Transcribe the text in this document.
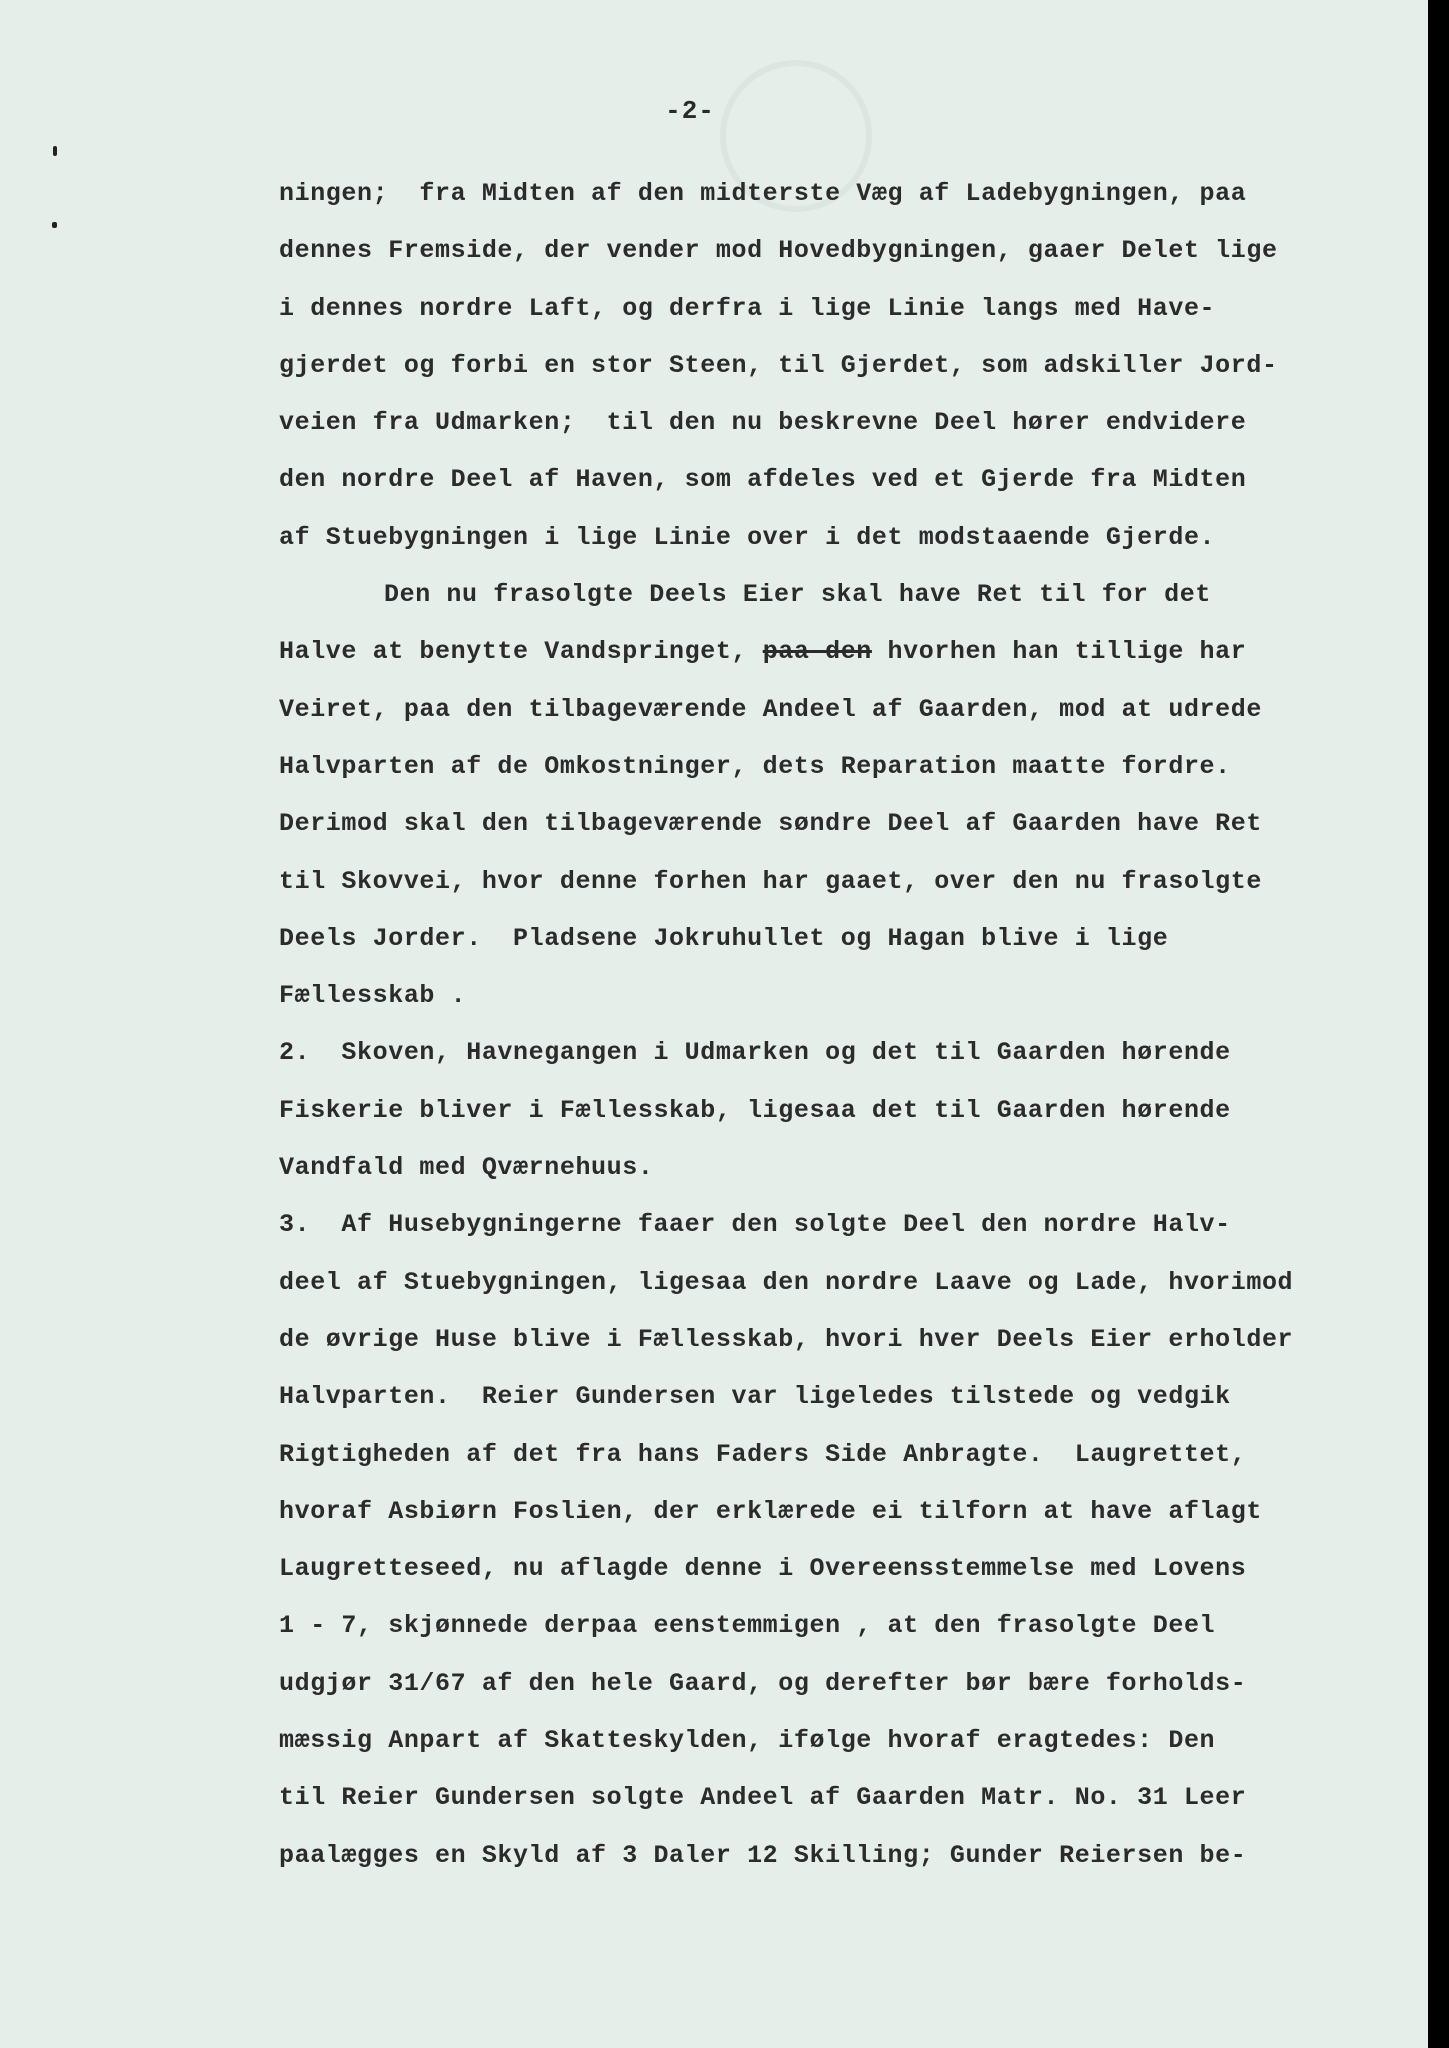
-2-
ningen;  fra Midten af den midterste Væg af Ladebygningen, paa
dennes Fremside, der vender mod Hovedbygningen, gaaer Delet lige
i dennes nordre Laft, og derfra i lige Linie langs med Have-
gjerdet og forbi en stor Steen, til Gjerdet, som adskiller Jord-
veien fra Udmarken;  til den nu beskrevne Deel hører endvidere
den nordre Deel af Haven, som afdeles ved et Gjerde fra Midten
af Stuebygningen i lige Linie over i det modstaaende Gjerde.
Den nu frasolgte Deels Eier skal have Ret til for det
Halve at benytte Vandspringet, paa den hvorhen han tillige har
Veiret, paa den tilbageværende Andeel af Gaarden, mod at udrede
Halvparten af de Omkostninger, dets Reparation maatte fordre.
Derimod skal den tilbageværende søndre Deel af Gaarden have Ret
til Skovvei, hvor denne forhen har gaaet, over den nu frasolgte
Deels Jorder.  Pladsene Jokruhullet og Hagan blive i lige
Fællesskab .
2.  Skoven, Havnegangen i Udmarken og det til Gaarden hørende
Fiskerie bliver i Fællesskab, ligesaa det til Gaarden hørende
Vandfald med Qværnehuus.
3.  Af Husebygningerne faaer den solgte Deel den nordre Halv-
deel af Stuebygningen, ligesaa den nordre Laave og Lade, hvorimod
de øvrige Huse blive i Fællesskab, hvori hver Deels Eier erholder
Halvparten.  Reier Gundersen var ligeledes tilstede og vedgik
Rigtigheden af det fra hans Faders Side Anbragte.  Laugrettet,
hvoraf Asbiørn Foslien, der erklærede ei tilforn at have aflagt
Laugretteseed, nu aflagde denne i Overeensstemmelse med Lovens
1 - 7, skjønnede derpaa eenstemmigen , at den frasolgte Deel
udgjør 31/67 af den hele Gaard, og derefter bør bære forholds-
mæssig Anpart af Skatteskylden, ifølge hvoraf eragtedes: Den
til Reier Gundersen solgte Andeel af Gaarden Matr. No. 31 Leer
paalægges en Skyld af 3 Daler 12 Skilling; Gunder Reiersen be-
